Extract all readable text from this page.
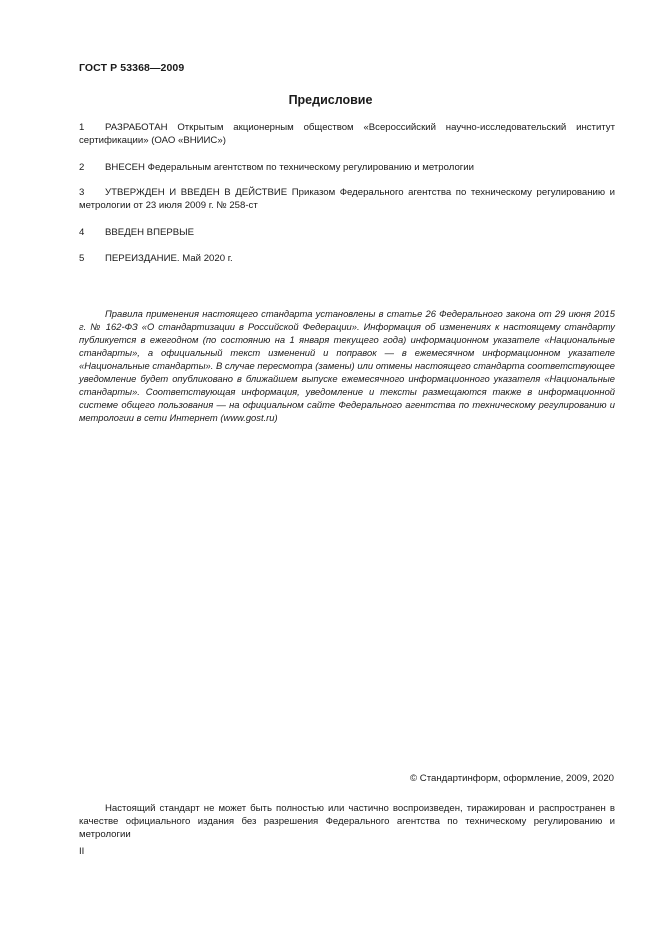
ГОСТ Р 53368—2009
Предисловие
1 РАЗРАБОТАН Открытым акционерным обществом «Всероссийский научно-исследовательский институт сертификации» (ОАО «ВНИИС»)
2 ВНЕСЕН Федеральным агентством по техническому регулированию и метрологии
3 УТВЕРЖДЕН И ВВЕДЕН В ДЕЙСТВИЕ Приказом Федерального агентства по техническому регулированию и метрологии от 23 июля 2009 г. № 258-ст
4 ВВЕДЕН ВПЕРВЫЕ
5 ПЕРЕИЗДАНИЕ. Май 2020 г.
Правила применения настоящего стандарта установлены в статье 26 Федерального закона от 29 июня 2015 г. № 162-ФЗ «О стандартизации в Российской Федерации». Информация об изменениях к настоящему стандарту публикуется в ежегодном (по состоянию на 1 января текущего года) информационном указателе «Национальные стандарты», а официальный текст изменений и поправок — в ежемесячном информационном указателе «Национальные стандарты». В случае пересмотра (замены) или отмены настоящего стандарта соответствующее уведомление будет опубликовано в ближайшем выпуске ежемесячного информационного указателя «Национальные стандарты». Соответствующая информация, уведомление и тексты размещаются также в информационной системе общего пользования — на официальном сайте Федерального агентства по техническому регулированию и метрологии в сети Интернет (www.gost.ru)
© Стандартинформ, оформление, 2009, 2020
Настоящий стандарт не может быть полностью или частично воспроизведен, тиражирован и распространен в качестве официального издания без разрешения Федерального агентства по техническому регулированию и метрологии
II
